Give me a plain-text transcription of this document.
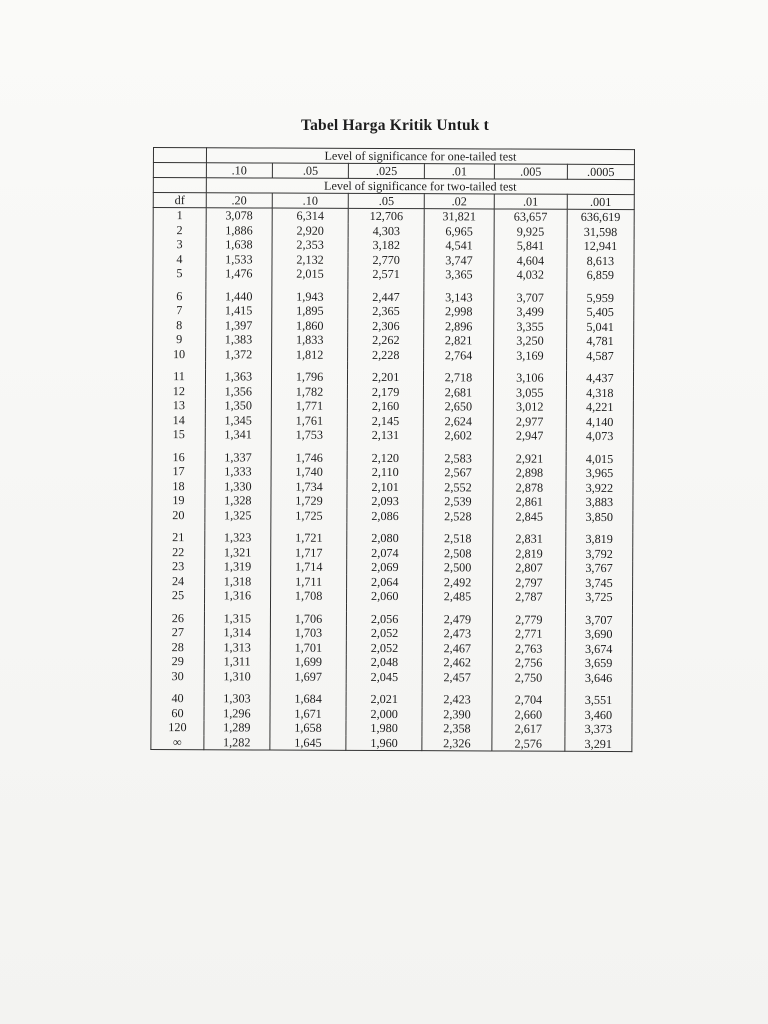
Tabel Harga Kritik Untuk t
	Level of significance for one-tailed test					
	.10	.05	.025	.01	.005	.0005
	Level of significance for two-tailed test					
df	.20	.10	.05	.02	.01	.001
1	3,078	6,314	12,706	31,821	63,657	636,619
2	1,886	2,920	4,303	6,965	9,925	31,598
3	1,638	2,353	3,182	4,541	5,841	12,941
4	1,533	2,132	2,770	3,747	4,604	8,613
5	1,476	2,015	2,571	3,365	4,032	6,859

6	1,440	1,943	2,447	3,143	3,707	5,959
7	1,415	1,895	2,365	2,998	3,499	5,405
8	1,397	1,860	2,306	2,896	3,355	5,041
9	1,383	1,833	2,262	2,821	3,250	4,781
10	1,372	1,812	2,228	2,764	3,169	4,587

11	1,363	1,796	2,201	2,718	3,106	4,437
12	1,356	1,782	2,179	2,681	3,055	4,318
13	1,350	1,771	2,160	2,650	3,012	4,221
14	1,345	1,761	2,145	2,624	2,977	4,140
15	1,341	1,753	2,131	2,602	2,947	4,073

16	1,337	1,746	2,120	2,583	2,921	4,015
17	1,333	1,740	2,110	2,567	2,898	3,965
18	1,330	1,734	2,101	2,552	2,878	3,922
19	1,328	1,729	2,093	2,539	2,861	3,883
20	1,325	1,725	2,086	2,528	2,845	3,850

21	1,323	1,721	2,080	2,518	2,831	3,819
22	1,321	1,717	2,074	2,508	2,819	3,792
23	1,319	1,714	2,069	2,500	2,807	3,767
24	1,318	1,711	2,064	2,492	2,797	3,745
25	1,316	1,708	2,060	2,485	2,787	3,725

26	1,315	1,706	2,056	2,479	2,779	3,707
27	1,314	1,703	2,052	2,473	2,771	3,690
28	1,313	1,701	2,052	2,467	2,763	3,674
29	1,311	1,699	2,048	2,462	2,756	3,659
30	1,310	1,697	2,045	2,457	2,750	3,646

40	1,303	1,684	2,021	2,423	2,704	3,551
60	1,296	1,671	2,000	2,390	2,660	3,460
120	1,289	1,658	1,980	2,358	2,617	3,373
∞	1,282	1,645	1,960	2,326	2,576	3,291
